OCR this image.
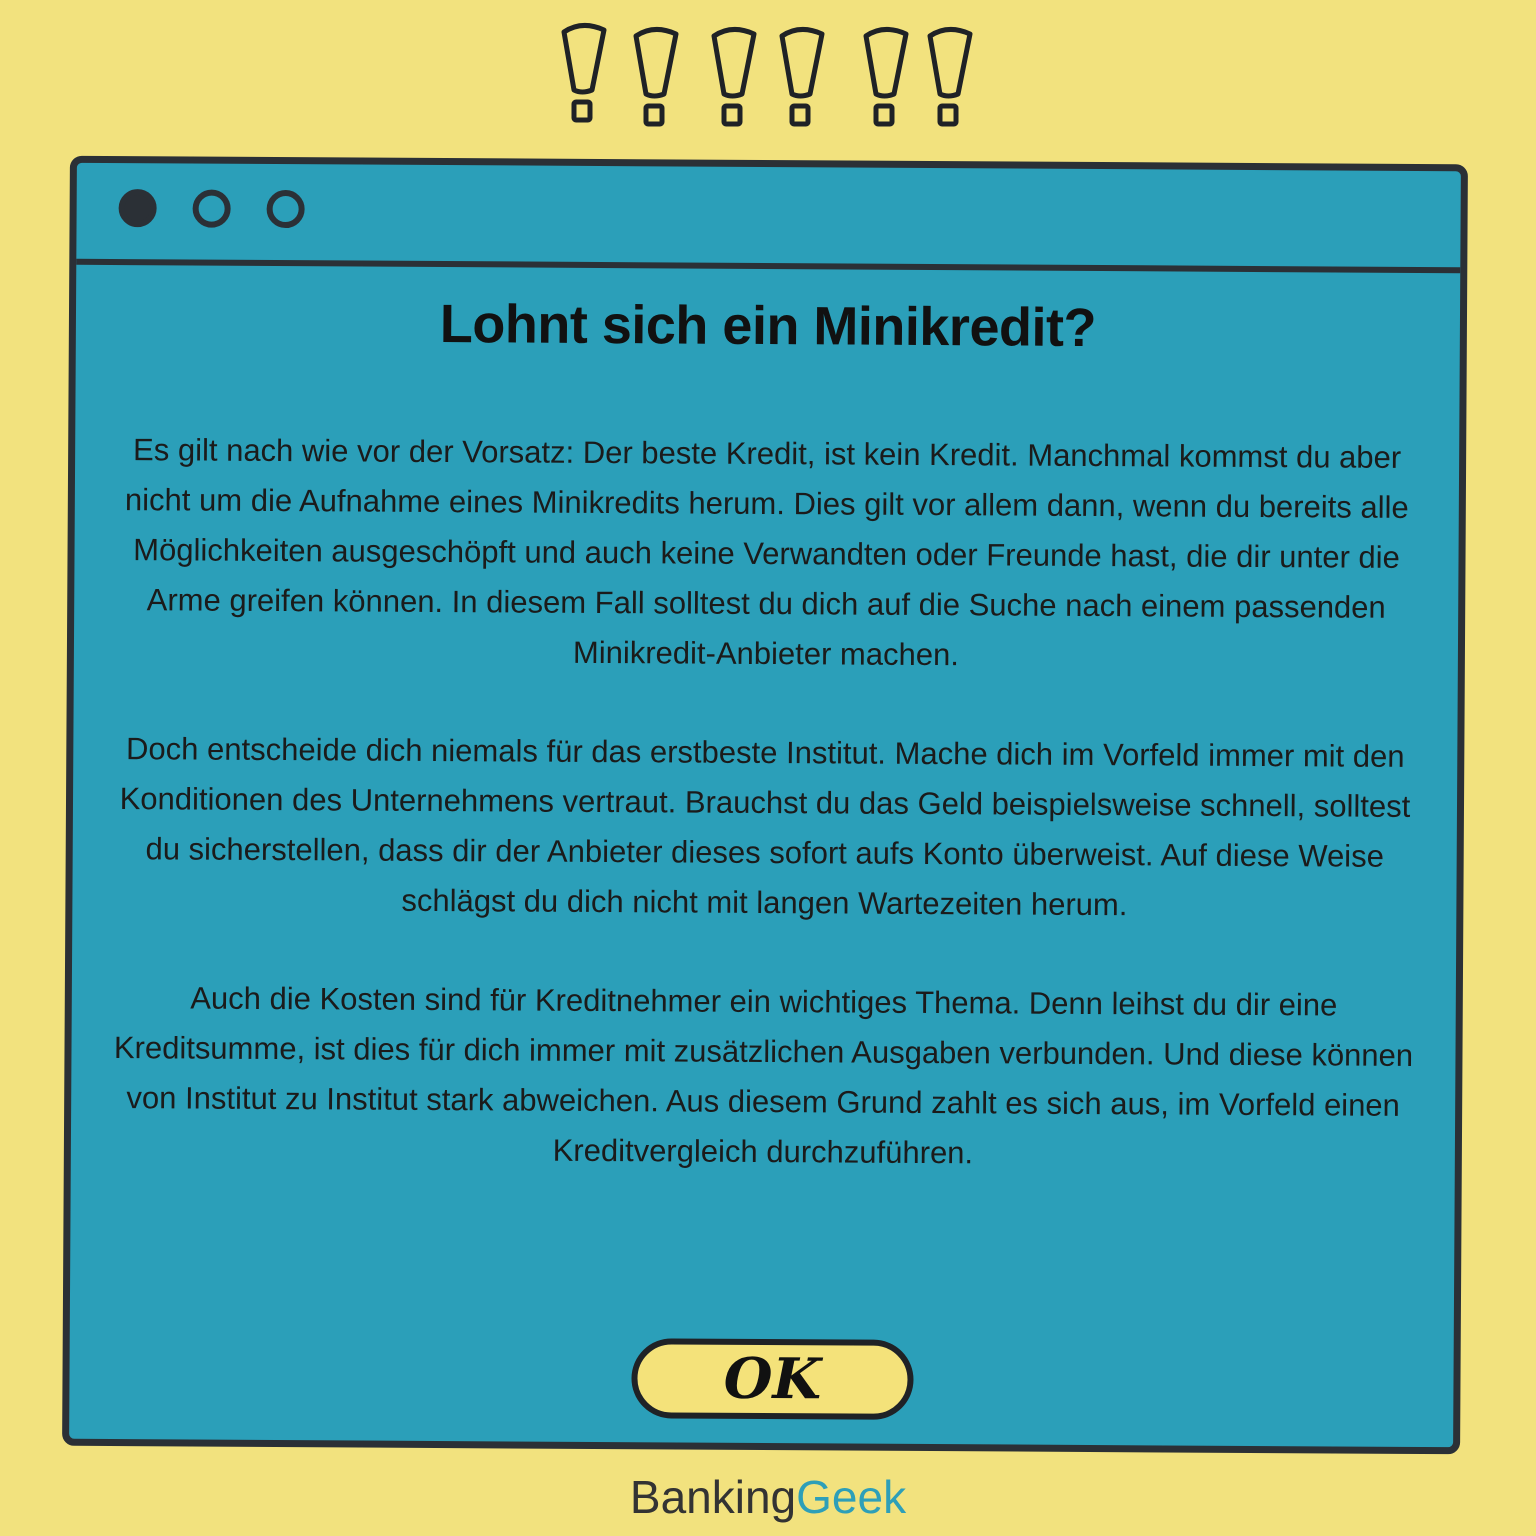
Lohnt sich ein Minikredit?

Es gilt nach wie vor der Vorsatz: Der beste Kredit, ist kein Kredit. Manchmal kommst du aber nicht um die Aufnahme eines Minikredits herum. Dies gilt vor allem dann, wenn du bereits alle Möglichkeiten ausgeschöpft und auch keine Verwandten oder Freunde hast, die dir unter die Arme greifen können. In diesem Fall solltest du dich auf die Suche nach einem passenden Minikredit-Anbieter machen.

Doch entscheide dich niemals für das erstbeste Institut. Mache dich im Vorfeld immer mit den Konditionen des Unternehmens vertraut. Brauchst du das Geld beispielsweise schnell, solltest du sicherstellen, dass dir der Anbieter dieses sofort aufs Konto überweist. Auf diese Weise schlägst du dich nicht mit langen Wartezeiten herum.

Auch die Kosten sind für Kreditnehmer ein wichtiges Thema. Denn leihst du dir eine Kreditsumme, ist dies für dich immer mit zusätzlichen Ausgaben verbunden. Und diese können von Institut zu Institut stark abweichen. Aus diesem Grund zahlt es sich aus, im Vorfeld einen Kreditvergleich durchzuführen.

OK
BankingGeek
